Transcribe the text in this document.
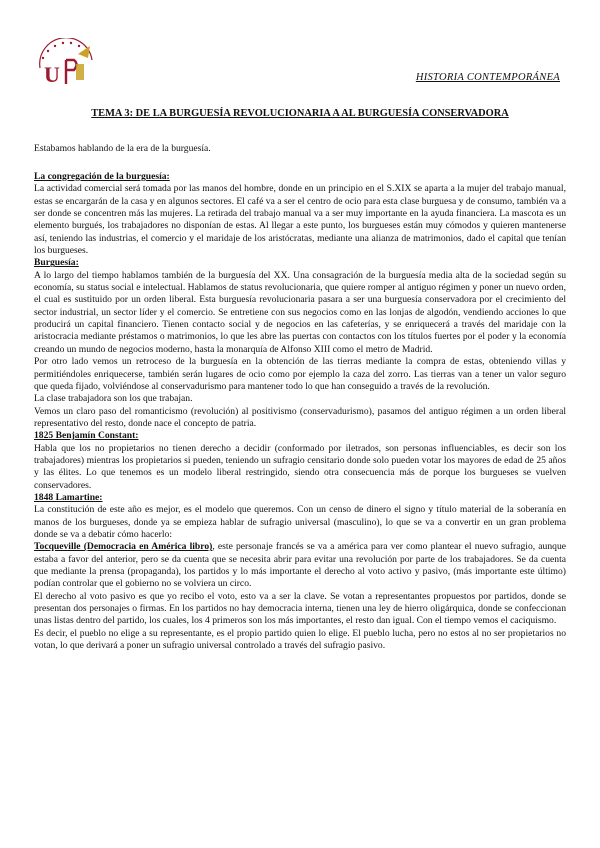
U	HISTORIA CONTEMPORÁNEA
TEMA 3: DE LA BURGUESÍA REVOLUCIONARIA A AL BURGUESÍA CONSERVADORA
Estabamos hablando de la era de la burguesía.
La congregación de la burguesía:

La actividad comercial será tomada por las manos del hombre, donde en un principio en el S.XIX se aparta a la mujer del trabajo manual, estas se encargarán de la casa y en algunos sectores. El café va a ser el centro de ocio para esta clase burguesa y de consumo, también va a ser donde se concentren más las mujeres. La retirada del trabajo manual va a ser muy importante en la ayuda financiera. La mascota es un elemento burgués, los trabajadores no disponían de estas. Al llegar a este punto, los burgueses están muy cómodos y quieren mantenerse así, teniendo las industrias, el comercio y el maridaje de los aristócratas, mediante una alianza de matrimonios, dado el capital que tenían los burgueses.

Burguesía:

A lo largo del tiempo hablamos también de la burguesía del XX. Una consagración de la burguesía media alta de la sociedad según su economía, su status social e intelectual. Hablamos de status revolucionaria, que quiere romper al antiguo régimen y poner un nuevo orden, el cual es sustituido por un orden liberal. Esta burguesía revolucionaria pasara a ser una burguesía conservadora por el crecimiento del sector industrial, un sector líder y el comercio. Se entretiene con sus negocios como en las lonjas de algodón, vendiendo acciones lo que producirá un capital financiero. Tienen contacto social y de negocios en las cafeterías, y se enriquecerá a través del maridaje con la aristocracia mediante préstamos o matrimonios, lo que les abre las puertas con contactos con los títulos fuertes por el poder y la economía creando un mundo de negocios moderno, hasta la monarquía de Alfonso XIII como el metro de Madrid.

Por otro lado vemos un retroceso de la burguesía en la obtención de las tierras mediante la compra de estas, obteniendo villas y permitiéndoles enriquecerse, también serán lugares de ocio como por ejemplo la caza del zorro. Las tierras van a tener un valor seguro que queda fijado, volviéndose al conservadurismo para mantener todo lo que han conseguido a través de la revolución.

La clase trabajadora son los que trabajan.

Vemos un claro paso del romanticismo (revolución) al positivismo (conservadurismo), pasamos del antiguo régimen a un orden liberal representativo del resto, donde nace el concepto de patria.

1825 Benjamín Constant:

Habla que los no propietarios no tienen derecho a decidir (conformado por iletrados, son personas influenciables, es decir son los trabajadores) mientras los propietarios si pueden, teniendo un sufragio censitario donde solo pueden votar los mayores de edad de 25 años y las élites. Lo que tenemos es un modelo liberal restringido, siendo otra consecuencia más de porque los burgueses se vuelven conservadores.

1848 Lamartine:

La constitución de este año es mejor, es el modelo que queremos. Con un censo de dinero el signo y título material de la soberanía en manos de los burgueses, donde ya se empieza hablar de sufragio universal (masculino), lo que se va a convertir en un gran problema donde se va a debatir cómo hacerlo:

Tocqueville (Democracia en América libro), este personaje francés se va a américa para ver como plantear el nuevo sufragio, aunque estaba a favor del anterior, pero se da cuenta que se necesita abrir para evitar una revolución por parte de los trabajadores. Se da cuenta que mediante la prensa (propaganda), los partidos y lo más importante el derecho al voto activo y pasivo, (más importante este último) podían controlar que el gobierno no se volviera un circo.

El derecho al voto pasivo es que yo recibo el voto, esto va a ser la clave. Se votan a representantes propuestos por partidos, donde se presentan dos personajes o firmas. En los partidos no hay democracia interna, tienen una ley de hierro oligárquica, donde se confeccionan unas listas dentro del partido, los cuales, los 4 primeros son los más importantes, el resto dan igual. Con el tiempo vemos el caciquismo.

Es decir, el pueblo no elige a su representante, es el propio partido quien lo elige. El pueblo lucha, pero no estos al no ser propietarios no votan, lo que derivará a poner un sufragio universal controlado a través del sufragio pasivo.
